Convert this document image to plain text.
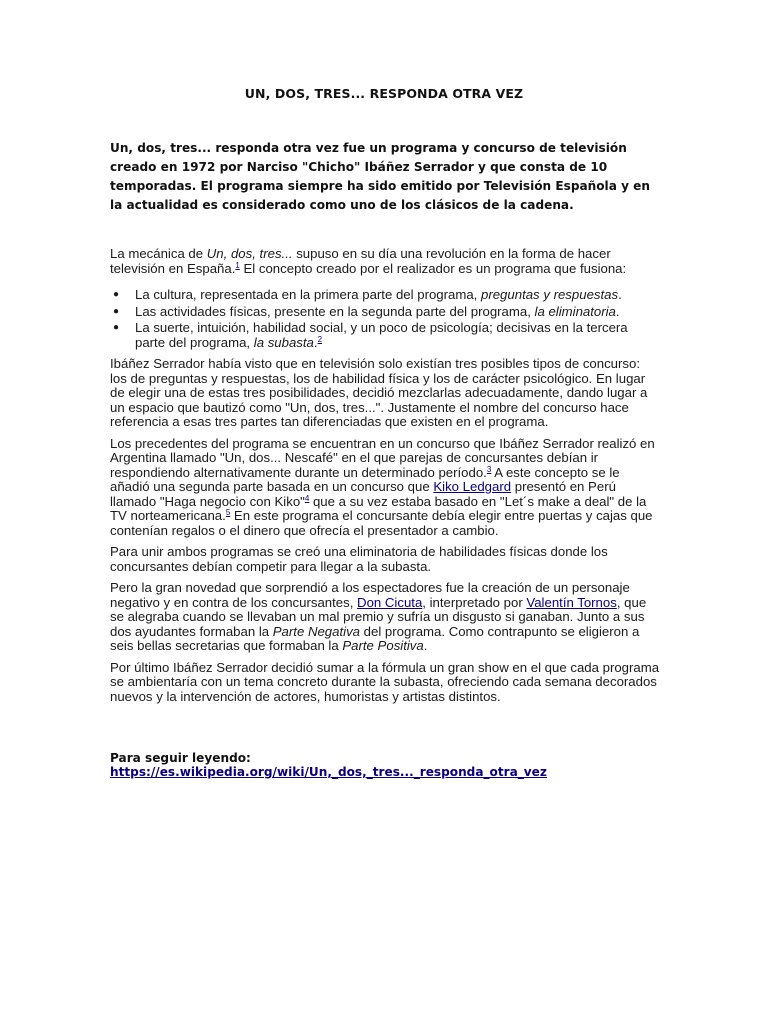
UN, DOS, TRES... RESPONDA OTRA VEZ
Un, dos, tres... responda otra vez fue un programa y concurso de televisión creado en 1972 por Narciso "Chicho" Ibáñez Serrador y que consta de 10 temporadas. El programa siempre ha sido emitido por Televisión Española y en la actualidad es considerado como uno de los clásicos de la cadena.

La mecánica de Un, dos, tres... supuso en su día una revolución en la forma de hacer televisión en España.$^1$ El concepto creado por el realizador es un programa que fusiona:

● La cultura, representada en la primera parte del programa, preguntas y respuestas.
● Las actividades físicas, presente en la segunda parte del programa, la eliminatoria.
● La suerte, intuición, habilidad social, y un poco de psicología; decisivas en la tercera parte del programa, la subasta.$^2$

Ibáñez Serrador había visto que en televisión solo existían tres posibles tipos de concurso: los de preguntas y respuestas, los de habilidad física y los de carácter psicológico. En lugar de elegir una de estas tres posibilidades, decidió mezclarlas adecuadamente, dando lugar a un espacio que bautizó como "Un, dos, tres...". Justamente el nombre del concurso hace referencia a esas tres partes tan diferenciadas que existen en el programa.

Los precedentes del programa se encuentran en un concurso que Ibáñez Serrador realizó en Argentina llamado "Un, dos... Nescafé" en el que parejas de concursantes debían ir respondiendo alternativamente durante un determinado período.$^3$ A este concepto se le añadió una segunda parte basada en un concurso que Kiko Ledgard presentó en Perú llamado "Haga negocio con Kiko"$^4$ que a su vez estaba basado en "Let´s make a deal" de la TV norteamericana.$^5$ En este programa el concursante debía elegir entre puertas y cajas que contenían regalos o el dinero que ofrecía el presentador a cambio.

Para unir ambos programas se creó una eliminatoria de habilidades físicas donde los concursantes debían competir para llegar a la subasta.

Pero la gran novedad que sorprendió a los espectadores fue la creación de un personaje negativo y en contra de los concursantes, Don Cicuta, interpretado por Valentín Tornos, que se alegraba cuando se llevaban un mal premio y sufría un disgusto si ganaban. Junto a sus dos ayudantes formaban la Parte Negativa del programa. Como contrapunto se eligieron a seis bellas secretarias que formaban la Parte Positiva.

Por último Ibáñez Serrador decidió sumar a la fórmula un gran show en el que cada programa se ambientaría con un tema concreto durante la subasta, ofreciendo cada semana decorados nuevos y la intervención de actores, humoristas y artistas distintos.

Para seguir leyendo: https://es.wikipedia.org/wiki/Un,_dos,_tres..._responda_otra_vez
